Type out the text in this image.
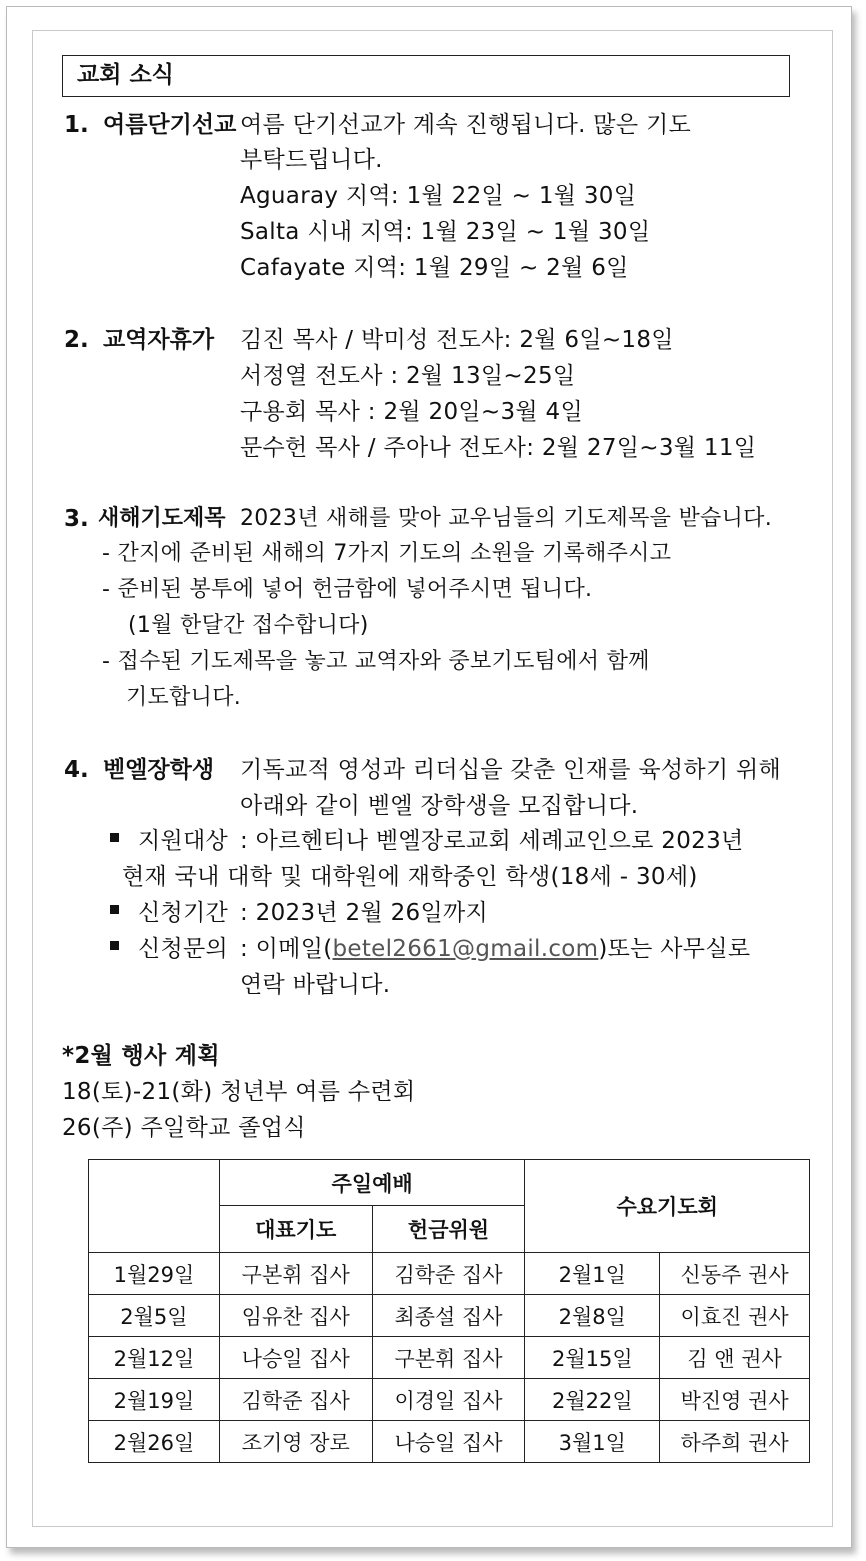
교회 소식
1. 여름단기선교 여름 단기선교가 계속 진행됩니다. 많은 기도
부탁드립니다.
Aguaray 지역: 1월 22일 ~ 1월 30일
Salta 시내 지역: 1월 23일 ~ 1월 30일
Cafayate 지역: 1월 29일 ~ 2월 6일
2. 교역자휴가 김진 목사 / 박미성 전도사: 2월 6일~18일
서정열 전도사 : 2월 13일~25일
구용회 목사 : 2월 20일~3월 4일
문수헌 목사 / 주아나 전도사: 2월 27일~3월 11일
3. 새해기도제목 2023년 새해를 맞아 교우님들의 기도제목을 받습니다.
- 간지에 준비된 새해의 7가지 기도의 소원을 기록해주시고
- 준비된 봉투에 넣어 헌금함에 넣어주시면 됩니다.
(1월 한달간 접수합니다)
- 접수된 기도제목을 놓고 교역자와 중보기도팀에서 함께
기도합니다.
4. 벧엘장학생 기독교적 영성과 리더십을 갖춘 인재를 육성하기 위해
아래와 같이 벧엘 장학생을 모집합니다.
지원대상 : 아르헨티나 벧엘장로교회 세례교인으로 2023년
현재 국내 대학 및 대학원에 재학중인 학생(18세 - 30세)
신청기간 : 2023년 2월 26일까지
신청문의 : 이메일(betel2661@gmail.com)또는 사무실로
연락 바랍니다.
*2월 행사 계획
18(토)-21(화) 청년부 여름 수련회
26(주) 주일학교 졸업식
	주일예배		수요기도회	
	대표기도	헌금위원		
1월29일	구본휘 집사	김학준 집사	2월1일	신동주 권사
2월5일	임유찬 집사	최종설 집사	2월8일	이효진 권사
2월12일	나승일 집사	구본휘 집사	2월15일	김 앤 권사
2월19일	김학준 집사	이경일 집사	2월22일	박진영 권사
2월26일	조기영 장로	나승일 집사	3월1일	하주희 권사
